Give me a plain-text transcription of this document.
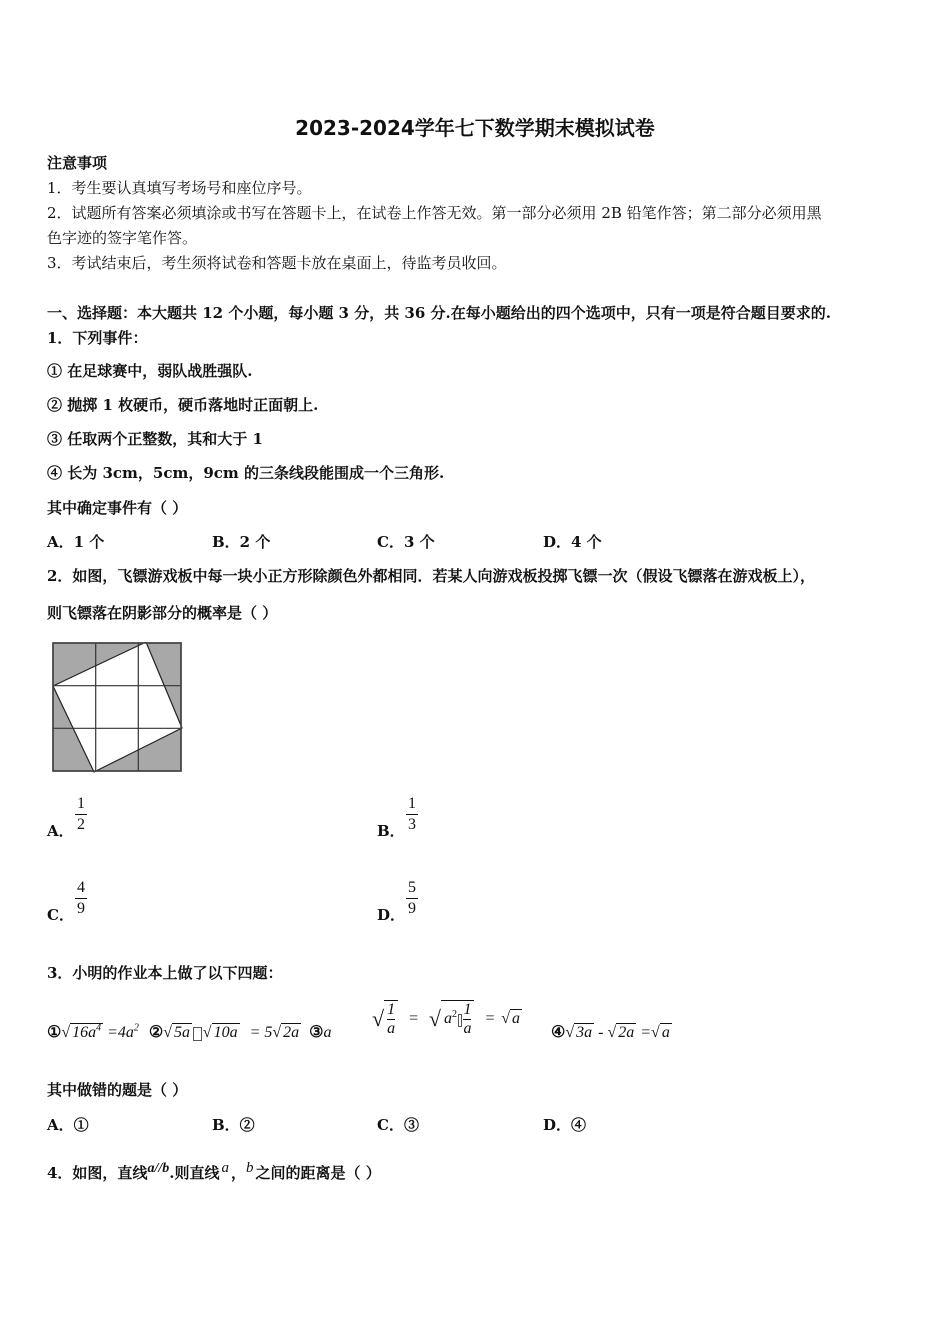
2023-2024学年七下数学期末模拟试卷
注意事项
1．考生要认真填写考场号和座位序号。
2．试题所有答案必须填涂或书写在答题卡上，在试卷上作答无效。第一部分必须用 2B 铅笔作答；第二部分必须用黑
色字迹的签字笔作答。
3．考试结束后，考生须将试卷和答题卡放在桌面上，待监考员收回。
一、选择题：本大题共 12 个小题，每小题 3 分，共 36 分.在每小题给出的四个选项中，只有一项是符合题目要求的.
1．下列事件：
① 在足球赛中，弱队战胜强队.
② 抛掷 1 枚硬币，硬币落地时正面朝上.
③ 任取两个正整数，其和大于 1
④ 长为 3cm，5cm，9cm 的三条线段能围成一个三角形.
其中确定事件有（ ）
A．1 个	B．2 个	C．3 个	D．4 个
2．如图，飞镖游戏板中每一块小正方形除颜色外都相同．若某人向游戏板投掷飞镖一次（假设飞镖落在游戏板上），
则飞镖落在阴影部分的概率是（ ）
A．
1
2	B．
1
3
C．
4
9	D．
5
9
3．小明的作业本上做了以下四题：
①√ $16a^4 =4a^2$ ②√ 5a √ 10a = 5√ 2a ③a
√ $\frac{1}{a}$ = √ $a^2 \frac{1}{a}$ = √ a
④√ 3a - √ 2a =√ a
其中做错的题是（ ）
A．①	B．②	C．③	D．④
4．如图，直线$^{a//b}$.则直线 $^a$ ，$^b$ 之间的距离是（ ）
